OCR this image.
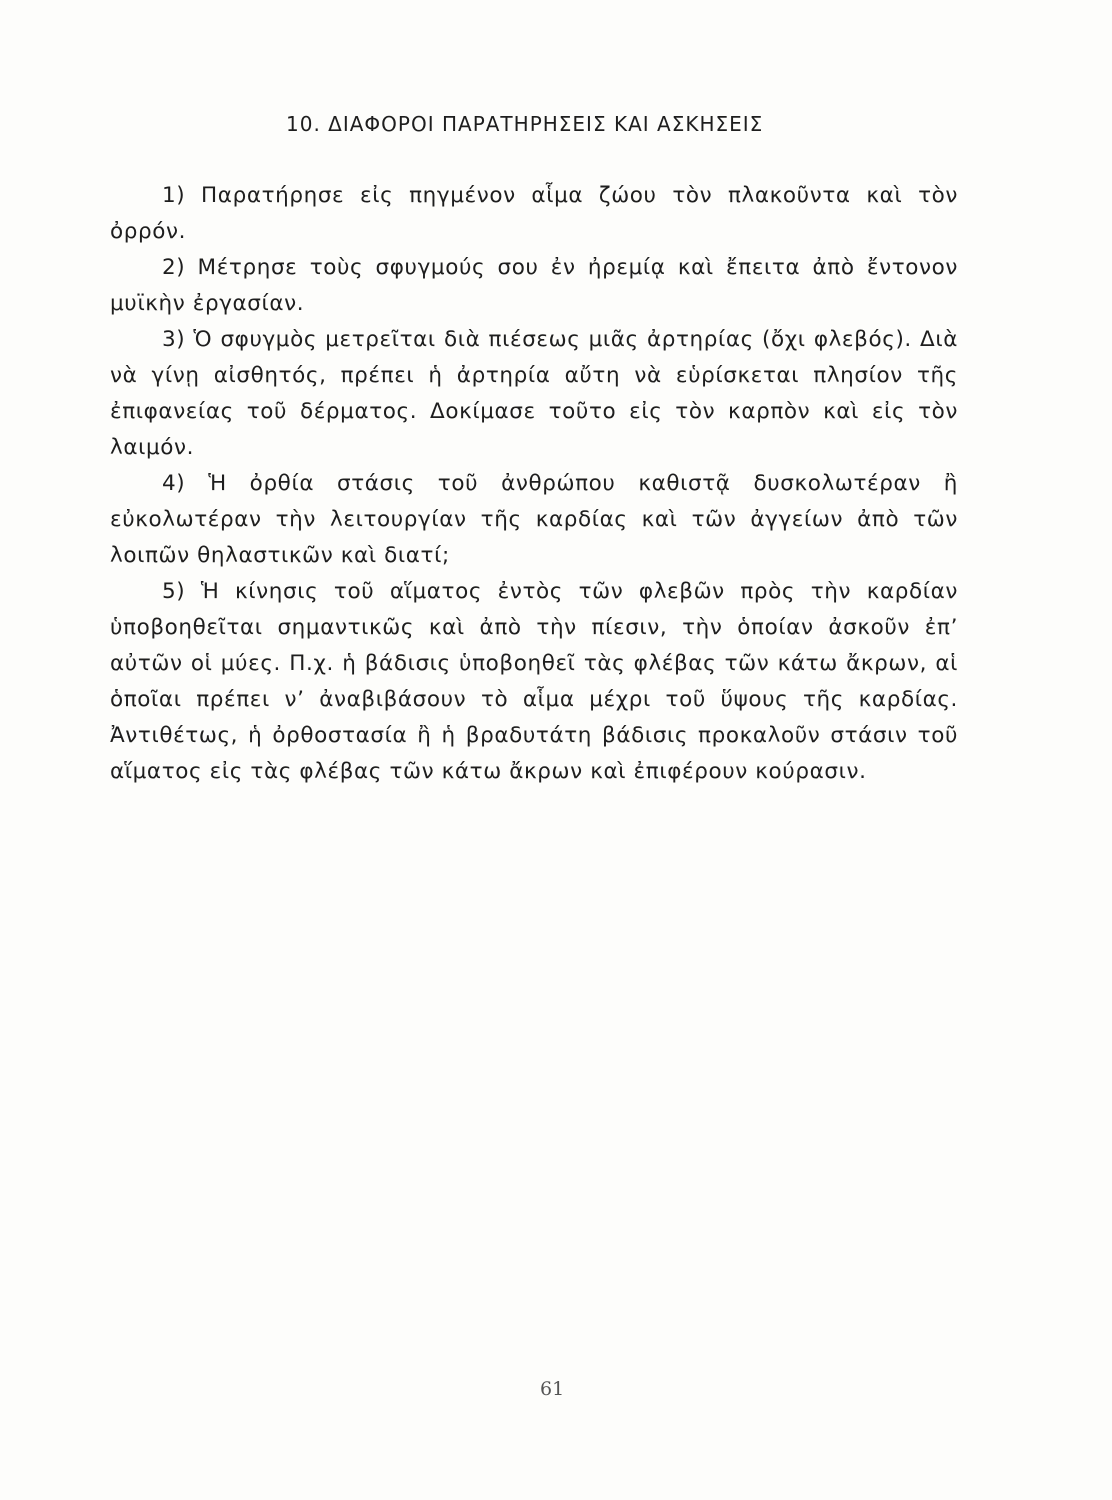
10. ΔΙΑΦΟΡΟΙ ΠΑΡΑΤΗΡΗΣΕΙΣ ΚΑΙ ΑΣΚΗΣΕΙΣ

1) Παρατήρησε εἰς πηγμένον αἷμα ζώου τὸν πλακοῦντα καὶ τὸν ὀρρόν.

2) Μέτρησε τοὺς σφυγμούς σου ἐν ἠρεμίᾳ καὶ ἔπειτα ἀπὸ ἔντονον μυϊκὴν ἐργασίαν.

3) Ὁ σφυγμὸς μετρεῖται διὰ πιέσεως μιᾶς ἀρτηρίας (ὄχι φλεβός). Διὰ νὰ γίνῃ αἰσθητός, πρέπει ἡ ἀρτηρία αὔτη νὰ εὑρίσκεται πλησίον τῆς ἐπιφανείας τοῦ δέρματος. Δοκίμασε τοῦτο εἰς τὸν καρπὸν καὶ εἰς τὸν λαιμόν.

4) Ἡ ὀρθία στάσις τοῦ ἀνθρώπου καθιστᾷ δυσκολωτέραν ἢ εὐκολωτέραν τὴν λειτουργίαν τῆς καρδίας καὶ τῶν ἀγγείων ἀπὸ τῶν λοιπῶν θηλαστικῶν καὶ διατί;

5) Ἡ κίνησις τοῦ αἵματος ἐντὸς τῶν φλεβῶν πρὸς τὴν καρδίαν ὑποβοηθεῖται σημαντικῶς καὶ ἀπὸ τὴν πίεσιν, τὴν ὁποίαν ἀσκοῦν ἐπ’ αὐτῶν οἱ μύες. Π.χ. ἡ βάδισις ὑποβοηθεῖ τὰς φλέβας τῶν κάτω ἄκρων, αἱ ὁποῖαι πρέπει ν’ ἀναβιβάσουν τὸ αἷμα μέχρι τοῦ ὕψους τῆς καρδίας. Ἀντιθέτως, ἡ ὀρθοστασία ἢ ἡ βραδυτάτη βάδισις προκαλοῦν στάσιν τοῦ αἵματος εἰς τὰς φλέβας τῶν κάτω ἄκρων καὶ ἐπιφέρουν κούρασιν.

61
